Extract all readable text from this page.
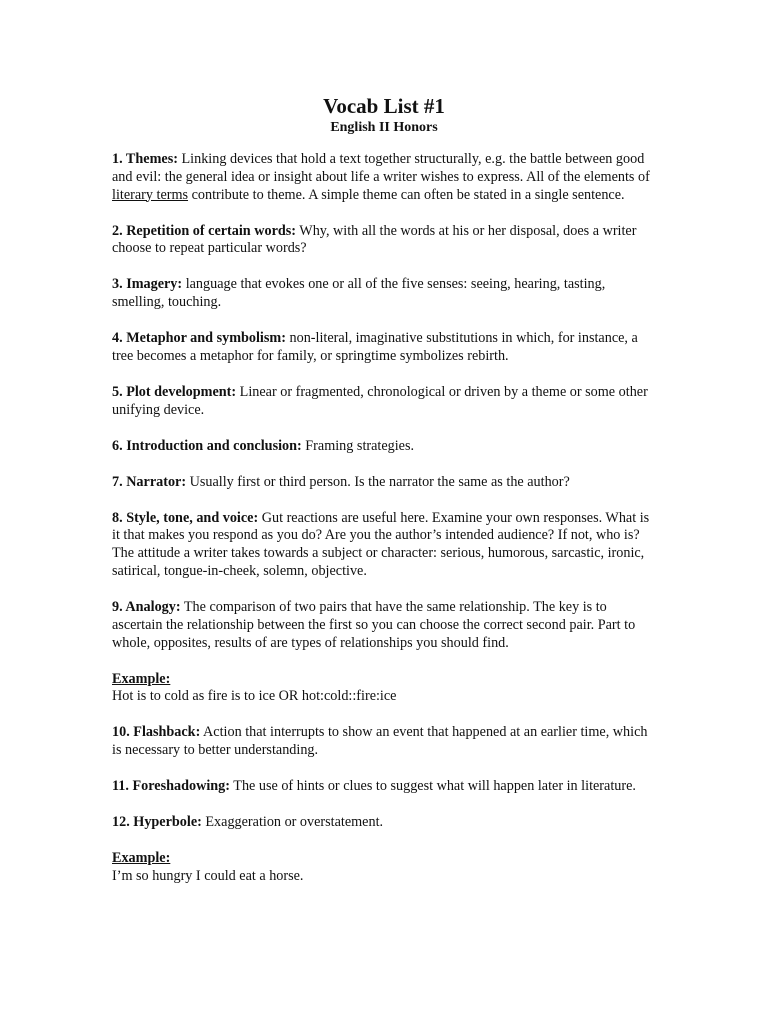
Vocab List #1
English II Honors

1. Themes: Linking devices that hold a text together structurally, e.g. the battle between good and evil: the general idea or insight about life a writer wishes to express. All of the elements of literary terms contribute to theme. A simple theme can often be stated in a single sentence.

2. Repetition of certain words: Why, with all the words at his or her disposal, does a writer choose to repeat particular words?

3. Imagery: language that evokes one or all of the five senses: seeing, hearing, tasting, smelling, touching.

4. Metaphor and symbolism: non-literal, imaginative substitutions in which, for instance, a tree becomes a metaphor for family, or springtime symbolizes rebirth.

5. Plot development: Linear or fragmented, chronological or driven by a theme or some other unifying device.

6. Introduction and conclusion: Framing strategies.

7. Narrator: Usually first or third person. Is the narrator the same as the author?

8. Style, tone, and voice: Gut reactions are useful here. Examine your own responses. What is it that makes you respond as you do? Are you the author’s intended audience? If not, who is? The attitude a writer takes towards a subject or character: serious, humorous, sarcastic, ironic, satirical, tongue-in-cheek, solemn, objective.

9. Analogy: The comparison of two pairs that have the same relationship. The key is to ascertain the relationship between the first so you can choose the correct second pair. Part to whole, opposites, results of are types of relationships you should find.

Example:
Hot is to cold as fire is to ice OR hot:cold::fire:ice

10. Flashback: Action that interrupts to show an event that happened at an earlier time, which is necessary to better understanding.

11. Foreshadowing: The use of hints or clues to suggest what will happen later in literature.

12. Hyperbole: Exaggeration or overstatement.

Example:
I’m so hungry I could eat a horse.
